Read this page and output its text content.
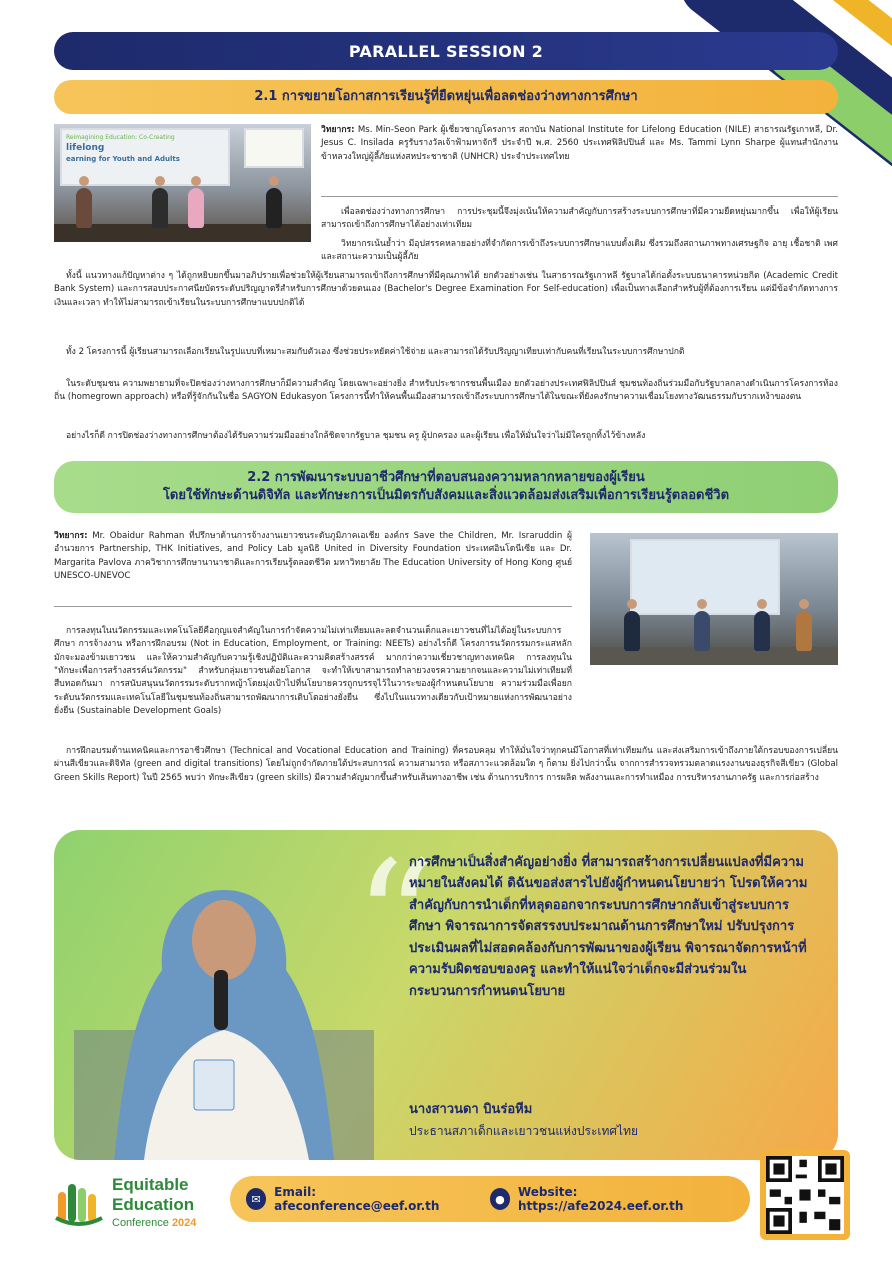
PARALLEL SESSION 2
2.1 การขยายโอกาสการเรียนรู้ที่ยืดหยุ่นเพื่อลดช่องว่างทางการศึกษา
Reimagining Education: Co-Creating
lifelong
earning for Youth and Adults
วิทยากร: Ms. Min-Seon Park ผู้เชี่ยวชาญโครงการ สถาบัน National Institute for Lifelong Education (NILE) สาธารณรัฐเกาหลี, Dr. Jesus C. Insilada ครูรับรางวัลเจ้าฟ้ามหาจักรี ประจำปี พ.ศ. 2560 ประเทศฟิลิปปินส์ และ Ms. Tammi Lynn Sharpe ผู้แทนสำนักงานข้าหลวงใหญ่ผู้ลี้ภัยแห่งสหประชาชาติ (UNHCR) ประจำประเทศไทย
เพื่อลดช่องว่างทางการศึกษา การประชุมนี้จึงมุ่งเน้นให้ความสำคัญกับการสร้างระบบการศึกษาที่มีความยืดหยุ่นมากขึ้น เพื่อให้ผู้เรียนสามารถเข้าถึงการศึกษาได้อย่างเท่าเทียม
วิทยากรเน้นย้ำว่า มีอุปสรรคหลายอย่างที่จำกัดการเข้าถึงระบบการศึกษาแบบดั้งเดิม ซึ่งรวมถึงสถานภาพทางเศรษฐกิจ อายุ เชื้อชาติ เพศ และสถานะความเป็นผู้ลี้ภัย
ทั้งนี้ แนวทางแก้ปัญหาต่าง ๆ ได้ถูกหยิบยกขึ้นมาอภิปรายเพื่อช่วยให้ผู้เรียนสามารถเข้าถึงการศึกษาที่มีคุณภาพได้ ยกตัวอย่างเช่น ในสาธารณรัฐเกาหลี รัฐบาลได้ก่อตั้งระบบธนาคารหน่วยกิต (Academic Credit Bank System) และการสอบประกาศนียบัตรระดับปริญญาตรีสำหรับการศึกษาด้วยตนเอง (Bachelor's Degree Examination For Self-education) เพื่อเป็นทางเลือกสำหรับผู้ที่ต้องการเรียน แต่มีข้อจำกัดทางการเงินและเวลา ทำให้ไม่สามารถเข้าเรียนในระบบการศึกษาแบบปกติได้
ทั้ง 2 โครงการนี้ ผู้เรียนสามารถเลือกเรียนในรูปแบบที่เหมาะสมกับตัวเอง ซึ่งช่วยประหยัดค่าใช้จ่าย และสามารถได้รับปริญญาเทียบเท่ากับคนที่เรียนในระบบการศึกษาปกติ
ในระดับชุมชน ความพยายามที่จะปิดช่องว่างทางการศึกษาก็มีความสำคัญ โดยเฉพาะอย่างยิ่ง สำหรับประชากรชนพื้นเมือง ยกตัวอย่างประเทศฟิลิปปินส์ ชุมชนท้องถิ่นร่วมมือกับรัฐบาลกลางดำเนินการโครงการท้องถิ่น (homegrown approach) หรือที่รู้จักกันในชื่อ SAGYON Edukasyon โครงการนี้ทำให้คนพื้นเมืองสามารถเข้าถึงระบบการศึกษาได้ในขณะที่ยังคงรักษาความเชื่อมโยงทางวัฒนธรรมกับรากเหง้าของตน
อย่างไรก็ดี การปิดช่องว่างทางการศึกษาต้องได้รับความร่วมมืออย่างใกล้ชิดจากรัฐบาล ชุมชน ครู ผู้ปกครอง และผู้เรียน เพื่อให้มั่นใจว่าไม่มีใครถูกทิ้งไว้ข้างหลัง
2.2 การพัฒนาระบบอาชีวศึกษาที่ตอบสนองความหลากหลายของผู้เรียน
โดยใช้ทักษะด้านดิจิทัล และทักษะการเป็นมิตรกับสังคมและสิ่งแวดล้อมส่งเสริมเพื่อการเรียนรู้ตลอดชีวิต
วิทยากร: Mr. Obaidur Rahman ที่ปรึกษาด้านการจ้างงานเยาวชนระดับภูมิภาคเอเชีย องค์กร Save the Children, Mr. Israruddin ผู้อำนวยการ Partnership, THK Initiatives, and Policy Lab มูลนิธิ United in Diversity Foundation ประเทศอินโดนีเซีย และ Dr. Margarita Pavlova ภาควิชาการศึกษานานาชาติและการเรียนรู้ตลอดชีวิต มหาวิทยาลัย The Education University of Hong Kong ศูนย์ UNESCO-UNEVOC
การลงทุนในนวัตกรรมและเทคโนโลยีคือกุญแจสำคัญในการกำจัดความไม่เท่าเทียมและลดจำนวนเด็กและเยาวชนที่ไม่ได้อยู่ในระบบการศึกษา การจ้างงาน หรือการฝึกอบรม (Not in Education, Employment, or Training: NEETs) อย่างไรก็ดี โครงการนวัตกรรมกระแสหลักมักจะมองข้ามเยาวชน และให้ความสำคัญกับความรู้เชิงปฏิบัติและความคิดสร้างสรรค์ มากกว่าความเชี่ยวชาญทางเทคนิค การลงทุนใน "ทักษะเพื่อการสร้างสรรค์นวัตกรรม" สำหรับกลุ่มเยาวชนด้อยโอกาส จะทำให้เขาสามารถทำลายวงจรความยากจนและความไม่เท่าเทียมที่สืบทอดกันมา การสนับสนุนนวัตกรรมระดับรากหญ้าโดยมุ่งเป้าไปที่นโยบายควรถูกบรรจุไว้ในวาระของผู้กำหนดนโยบาย ความร่วมมือเพื่อยกระดับนวัตกรรมและเทคโนโลยีในชุมชนท้องถิ่นสามารถพัฒนาการเติบโตอย่างยั่งยืน ซึ่งไปในแนวทางเดียวกับเป้าหมายแห่งการพัฒนาอย่างยั่งยืน (Sustainable Development Goals)
การฝึกอบรมด้านเทคนิคและการอาชีวศึกษา (Technical and Vocational Education and Training) ที่ครอบคลุม ทำให้มั่นใจว่าทุกคนมีโอกาสที่เท่าเทียมกัน และส่งเสริมการเข้าถึงภายใต้กรอบของการเปลี่ยนผ่านสีเขียวและดิจิทัล (green and digital transitions) โดยไม่ถูกจำกัดภายใต้ประสบการณ์ ความสามารถ หรือสภาวะแวดล้อมใด ๆ ก็ตาม ยิ่งไปกว่านั้น จากการสำรวจทรวมตลาดแรงงานของธุรกิจสีเขียว (Global Green Skills Report) ในปี 2565 พบว่า ทักษะสีเขียว (green skills) มีความสำคัญมากขึ้นสำหรับเส้นทางอาชีพ เช่น ด้านการบริการ การผลิต พลังงานและการทำเหมือง การบริหารงานภาครัฐ และการก่อสร้าง
“
การศึกษาเป็นสิ่งสำคัญอย่างยิ่ง ที่สามารถสร้างการเปลี่ยนแปลงที่มีความหมายในสังคมได้ ดิฉันขอส่งสารไปยังผู้กำหนดนโยบายว่า โปรดให้ความสำคัญกับการนำเด็กที่หลุดออกจากระบบการศึกษากลับเข้าสู่ระบบการศึกษา พิจารณาการจัดสรรงบประมาณด้านการศึกษาใหม่ ปรับปรุงการประเมินผลที่ไม่สอดคล้องกับการพัฒนาของผู้เรียน พิจารณาจัดการหน้าที่ความรับผิดชอบของครู และทำให้แน่ใจว่าเด็กจะมีส่วนร่วมในกระบวนการกำหนดนโยบาย
นางสาวนดา บินร่อหีม
ประธานสภาเด็กและเยาวชนแห่งประเทศไทย
Equitable
Education
Conference 2024
✉	Email: afeconference@eef.or.th	●	Website: https://afe2024.eef.or.th
